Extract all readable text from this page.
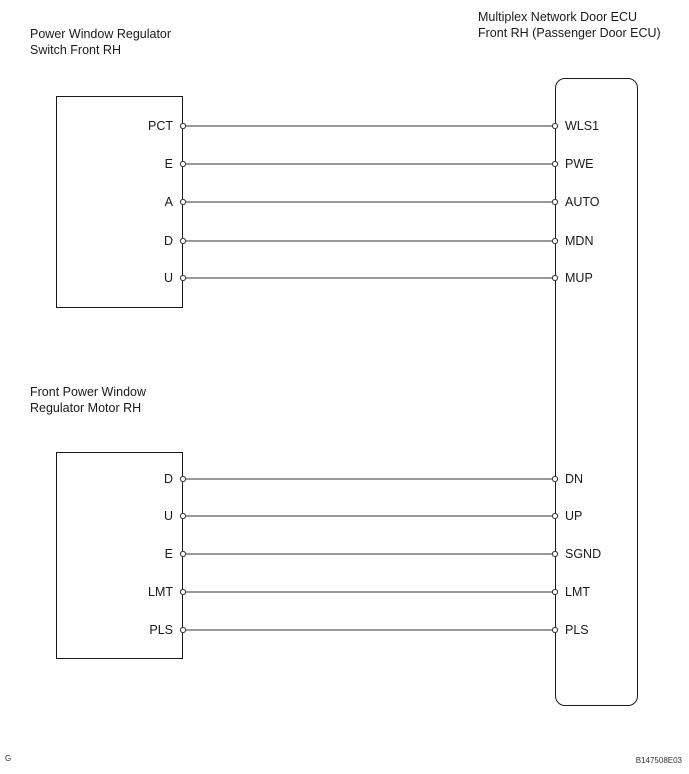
Power Window Regulator
Switch Front RH
Multiplex Network Door ECU
Front RH (Passenger Door ECU)
Front Power Window
Regulator Motor RH
PCT
E
A
D
U
D
U
E
LMT
PLS
WLS1
PWE
AUTO
MDN
MUP
DN
UP
SGND
LMT
PLS
G	B147508E03
